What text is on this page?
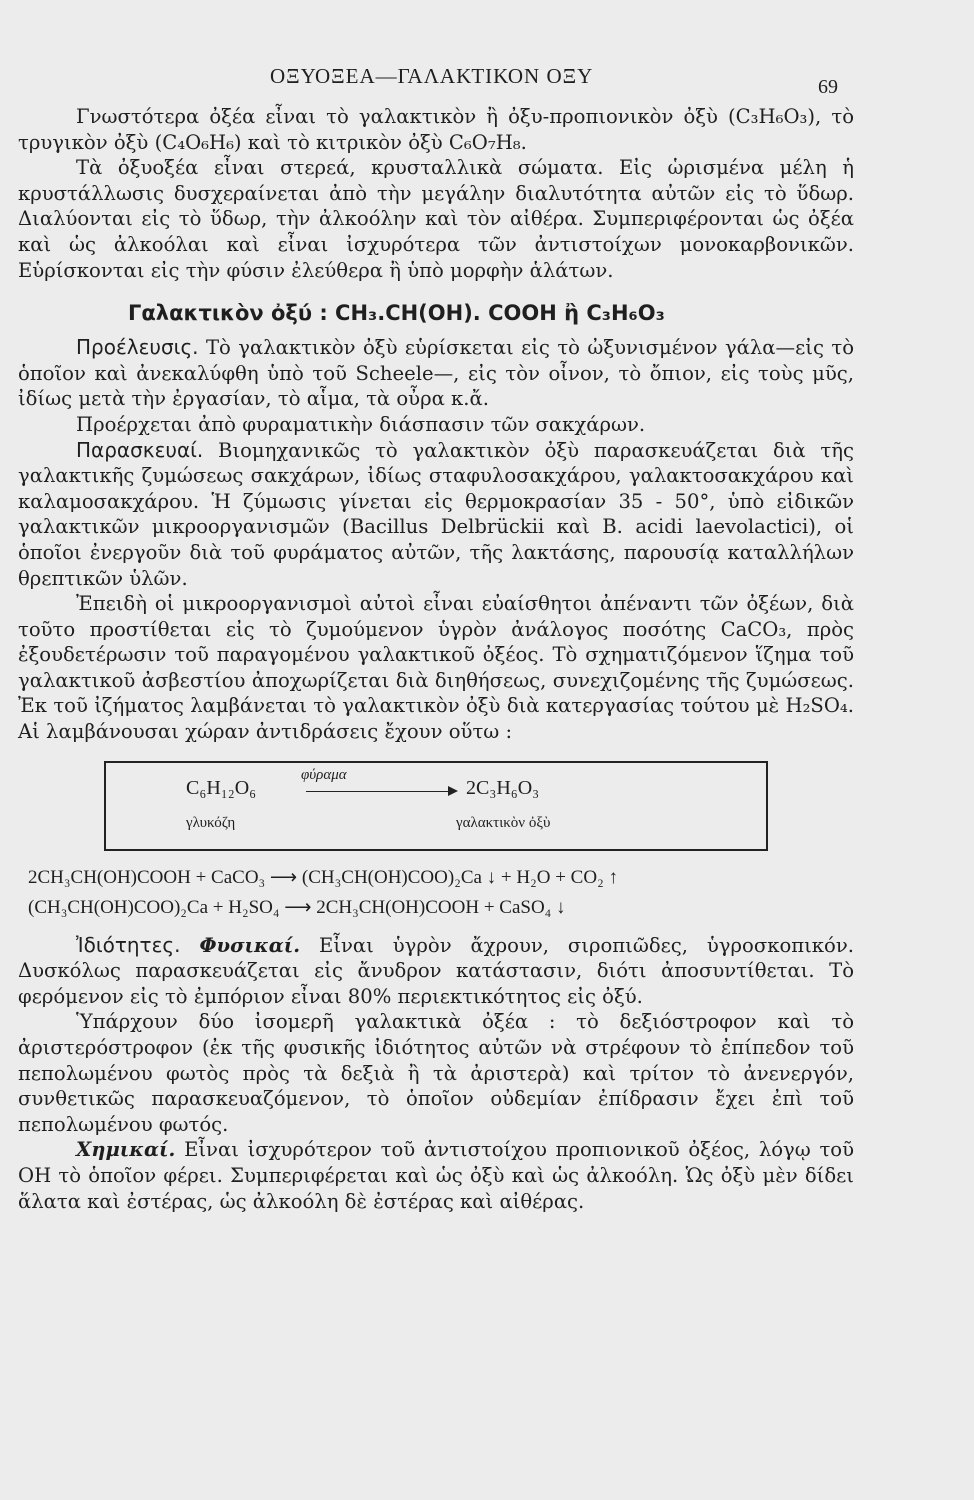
ΟΞΥΟΞΕΑ—ΓΑΛΑΚΤΙΚΟΝ ΟΞΥ	69

Γνωστότερα ὀξέα εἶναι τὸ γαλακτικὸν ἢ ὀξυ-προπιονικὸν ὀξὺ (C₃H₆O₃), τὸ τρυγικὸν ὀξὺ (C₄O₆H₆) καὶ τὸ κιτρικὸν ὀξὺ C₆O₇H₈.

Τὰ ὀξυοξέα εἶναι στερεά, κρυσταλλικὰ σώματα. Εἰς ὡρισμένα μέλη ἡ κρυστάλλωσις δυσχεραίνεται ἀπὸ τὴν μεγάλην διαλυτότητα αὐτῶν εἰς τὸ ὕδωρ. Διαλύονται εἰς τὸ ὕδωρ, τὴν ἀλκοόλην καὶ τὸν αἰθέρα. Συμπεριφέρονται ὡς ὀξέα καὶ ὡς ἀλκοόλαι καὶ εἶναι ἰσχυρότερα τῶν ἀντιστοίχων μονοκαρβονικῶν. Εὑρίσκονται εἰς τὴν φύσιν ἐλεύθερα ἢ ὑπὸ μορφὴν ἁλάτων.

Γαλακτικὸν ὀξύ : CH₃.CH(OH). COOH ἢ C₃H₆O₃

Προέλευσις. Τὸ γαλακτικὸν ὀξὺ εὑρίσκεται εἰς τὸ ὠξυνισμένον γάλα—εἰς τὸ ὁποῖον καὶ ἀνεκαλύφθη ὑπὸ τοῦ Scheele—, εἰς τὸν οἶνον, τὸ ὄπιον, εἰς τοὺς μῦς, ἰδίως μετὰ τὴν ἐργασίαν, τὸ αἷμα, τὰ οὖρα κ.ἄ.

Προέρχεται ἀπὸ φυραματικὴν διάσπασιν τῶν σακχάρων.

Παρασκευαί. Βιομηχανικῶς τὸ γαλακτικὸν ὀξὺ παρασκευάζεται διὰ τῆς γαλακτικῆς ζυμώσεως σακχάρων, ἰδίως σταφυλοσακχάρου, γαλακτοσακχάρου καὶ καλαμοσακχάρου. Ἡ ζύμωσις γίνεται εἰς θερμοκρασίαν 35 - 50°, ὑπὸ εἰδικῶν γαλακτικῶν μικροοργανισμῶν (Bacillus Delbrückii καὶ B. acidi laevolactici), οἱ ὁποῖοι ἐνεργοῦν διὰ τοῦ φυράματος αὐτῶν, τῆς λακτάσης, παρουσίᾳ καταλλήλων θρεπτικῶν ὑλῶν.

Ἐπειδὴ οἱ μικροοργανισμοὶ αὐτοὶ εἶναι εὐαίσθητοι ἀπέναντι τῶν ὀξέων, διὰ τοῦτο προστίθεται εἰς τὸ ζυμούμενον ὑγρὸν ἀνάλογος ποσότης CaCO₃, πρὸς ἐξουδετέρωσιν τοῦ παραγομένου γαλακτικοῦ ὀξέος. Τὸ σχηματιζόμενον ἵζημα τοῦ γαλακτικοῦ ἀσβεστίου ἀποχωρίζεται διὰ διηθήσεως, συνεχιζομένης τῆς ζυμώσεως. Ἐκ τοῦ ἰζήματος λαμβάνεται τὸ γαλακτικὸν ὀξὺ διὰ κατεργασίας τούτου μὲ H₂SO₄. Αἱ λαμβάνουσαι χώραν ἀντιδράσεις ἔχουν οὕτω :

C₆H₁₂O₆
φύραμα
2C₃H₆O₃
γλυκόζη	γαλακτικὸν ὀξὺ
2CH₃CH(OH)COOH + CaCO₃ ⟶ (CH₃CH(OH)COO)₂Ca ↓ + H₂O + CO₂ ↑
(CH₃CH(OH)COO)₂Ca + H₂SO₄ ⟶ 2CH₃CH(OH)COOH + CaSO₄ ↓

Ἰδιότητες. Φυσικαί. Εἶναι ὑγρὸν ἄχρουν, σιροπιῶδες, ὑγροσκοπικόν. Δυσκόλως παρασκευάζεται εἰς ἄνυδρον κατάστασιν, διότι ἀποσυντίθεται. Τὸ φερόμενον εἰς τὸ ἐμπόριον εἶναι 80% περιεκτικότητος εἰς ὀξύ.

Ὑπάρχουν δύο ἰσομερῆ γαλακτικὰ ὀξέα : τὸ δεξιόστροφον καὶ τὸ ἀριστερόστροφον (ἐκ τῆς φυσικῆς ἰδιότητος αὐτῶν νὰ στρέφουν τὸ ἐπίπεδον τοῦ πεπολωμένου φωτὸς πρὸς τὰ δεξιὰ ἢ τὰ ἀριστερὰ) καὶ τρίτον τὸ ἀνενεργόν, συνθετικῶς παρασκευαζόμενον, τὸ ὁποῖον οὐδεμίαν ἐπίδρασιν ἔχει ἐπὶ τοῦ πεπολωμένου φωτός.

Χημικαί. Εἶναι ἰσχυρότερον τοῦ ἀντιστοίχου προπιονικοῦ ὀξέος, λόγῳ τοῦ OH τὸ ὁποῖον φέρει. Συμπεριφέρεται καὶ ὡς ὀξὺ καὶ ὡς ἀλκοόλη. Ὡς ὀξὺ μὲν δίδει ἅλατα καὶ ἐστέρας, ὡς ἀλκοόλη δὲ ἐστέρας καὶ αἰθέρας.
